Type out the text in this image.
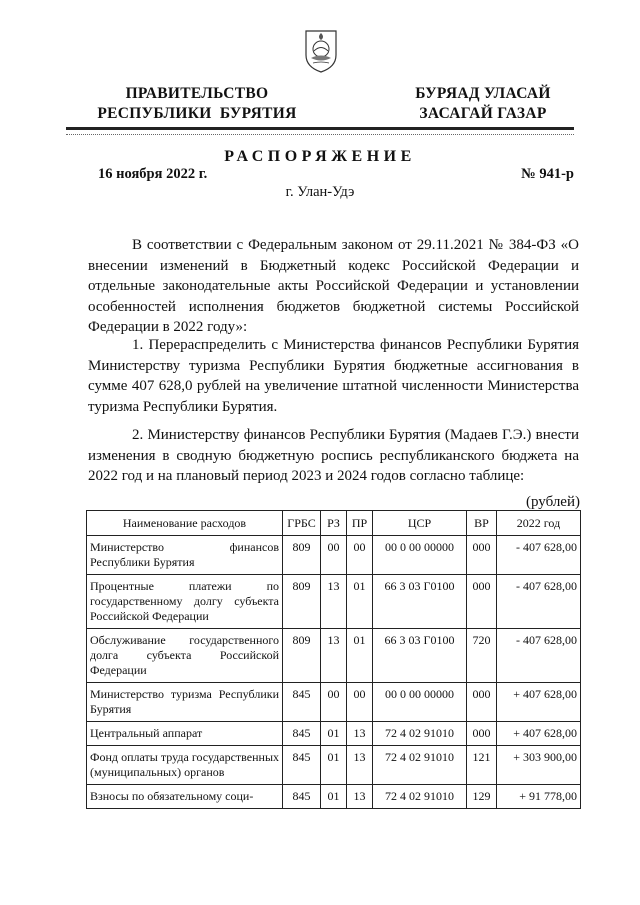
ПРАВИТЕЛЬСТВО
РЕСПУБЛИКИ  БУРЯТИЯ
БУРЯАД УЛАСАЙ
ЗАСАГАЙ ГАЗАР
РАСПОРЯЖЕНИЕ
16 ноября 2022 г.	№ 941-р
г. Улан-Удэ
В соответствии с Федеральным законом от 29.11.2021 № 384-ФЗ «О внесении изменений в Бюджетный кодекс Российской Федерации и отдельные законодательные акты Российской Федерации и установлении особенностей исполнения бюджетов бюджетной системы Российской Федерации в 2022 году»:
1. Перераспределить с Министерства финансов Республики Бурятия Министерству туризма Республики Бурятия бюджетные ассигнования в сумме 407 628,0 рублей на увеличение штатной численности Министерства туризма Республики Бурятия.
2. Министерству финансов Республики Бурятия (Мадаев Г.Э.) внести изменения в сводную бюджетную роспись республиканского бюджета на 2022 год и на плановый период 2023 и 2024 годов согласно таблице:
(рублей)
Наименование расходов	ГРБС	РЗ	ПР	ЦСР	ВР	2022 год
Министерство финансов Республики Бурятия	809	00	00	00 0 00 00000	000	- 407 628,00
Процентные платежи по государственному долгу субъекта Российской Федерации	809	13	01	66 3 03 Г0100	000	- 407 628,00
Обслуживание государственного долга субъекта Российской Федерации	809	13	01	66 3 03 Г0100	720	- 407 628,00
Министерство туризма Республики Бурятия	845	00	00	00 0 00 00000	000	+ 407 628,00
Центральный аппарат	845	01	13	72 4 02 91010	000	+ 407 628,00
Фонд оплаты труда государственных (муниципальных) органов	845	01	13	72 4 02 91010	121	+ 303 900,00
Взносы по обязательному соци-	845	01	13	72 4 02 91010	129	+ 91 778,00
